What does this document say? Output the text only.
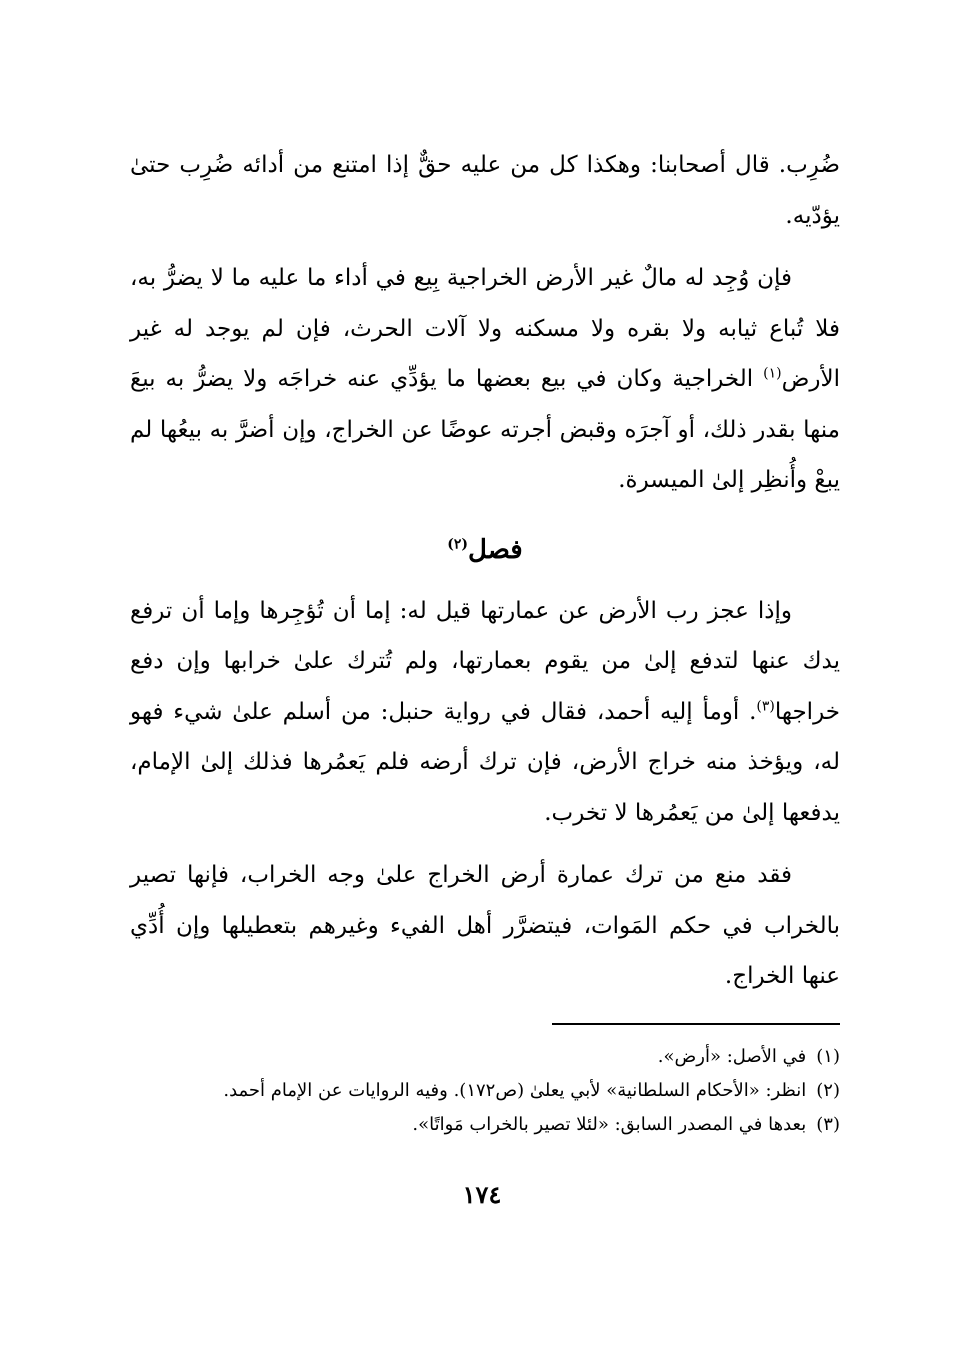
ضُرِب. قال أصحابنا: وهكذا كل من عليه حقٌّ إذا امتنع من أدائه ضُرِب حتىٰ يؤدّيه.

فإن وُجِد له مالٌ غير الأرض الخراجية بِيع في أداء ما عليه ما لا يضرُّ به، فلا تُباع ثيابه ولا بقره ولا مسكنه ولا آلات الحرث، فإن لم يوجد له غير الأرض$^{(١)}$ الخراجية وكان في بيع بعضها ما يؤدِّي عنه خراجَه ولا يضرُّ به بيعَ منها بقدر ذلك، أو آجرَه وقبض أجرته عوضًا عن الخراج، وإن أضرَّ به بيعُها لم يبعْ وأُنظِر إلىٰ الميسرة.

فصل$^{(٢)}$

وإذا عجز رب الأرض عن عمارتها قيل له: إما أن تُؤجِرها وإما أن ترفع يدك عنها لتدفع إلىٰ من يقوم بعمارتها، ولم تُترك علىٰ خرابها وإن دفع خراجها$^{(٣)}$. أومأ إليه أحمد، فقال في رواية حنبل: من أسلم علىٰ شيء فهو له، ويؤخذ منه خراج الأرض، فإن ترك أرضه فلم يَعمُرها فذلك إلىٰ الإمام، يدفعها إلىٰ من يَعمُرها لا تخرب.

فقد منع من ترك عمارة أرض الخراج علىٰ وجه الخراب، فإنها تصير بالخراب في حكم المَوات، فيتضرَّر أهل الفيء وغيرهم بتعطيلها وإن أُدِّي عنها الخراج.

(١)في الأصل: «أرض».
(٢)انظر: «الأحكام السلطانية» لأبي يعلىٰ (ص١٧٢). وفيه الروايات عن الإمام أحمد.
(٣)بعدها في المصدر السابق: «لئلا تصير بالخراب مَواتًا».
١٧٤
